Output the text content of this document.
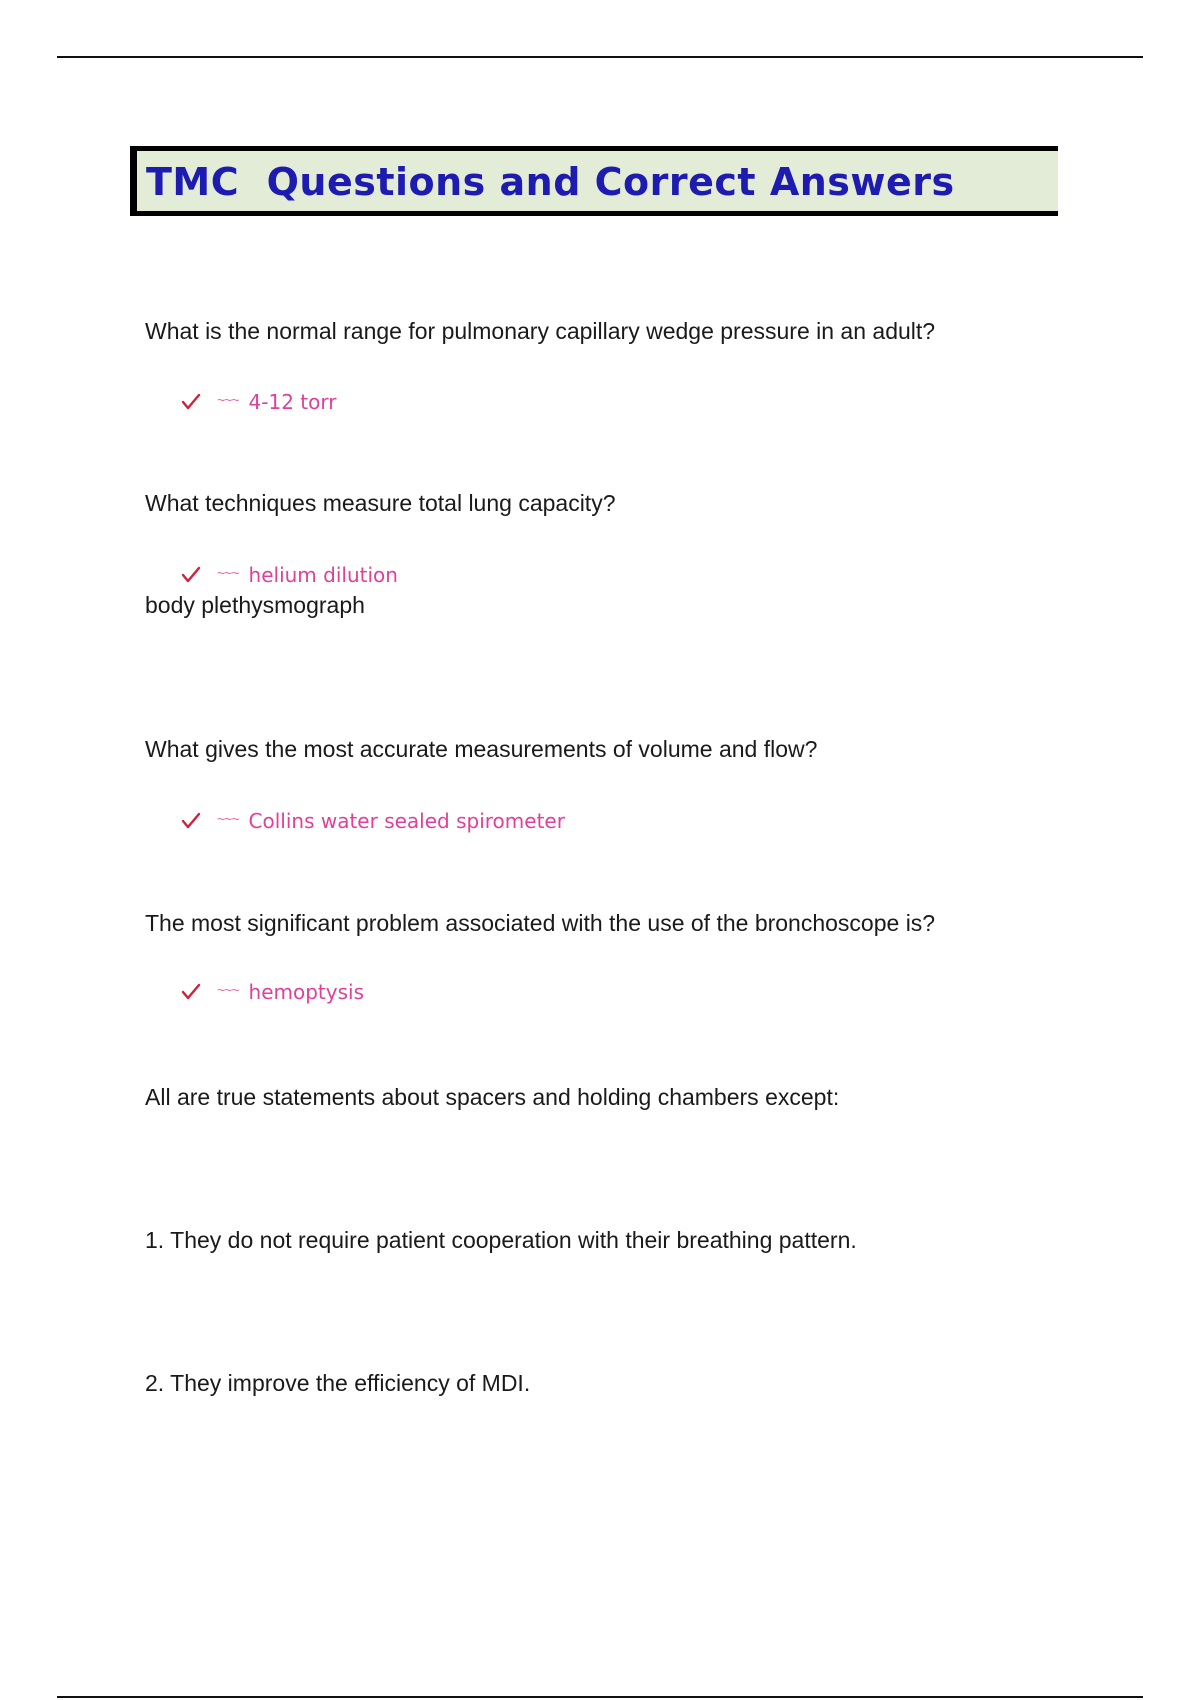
TMC  Questions and Correct Answers
What is the normal range for pulmonary capillary wedge pressure in an adult?
~~~ 4-12 torr
What techniques measure total lung capacity?
~~~ helium dilution
body plethysmograph
What gives the most accurate measurements of volume and flow?
~~~ Collins water sealed spirometer
The most significant problem associated with the use of the bronchoscope is?
~~~ hemoptysis
All are true statements about spacers and holding chambers except:
1. They do not require patient cooperation with their breathing pattern.
2. They improve the efficiency of MDI.
